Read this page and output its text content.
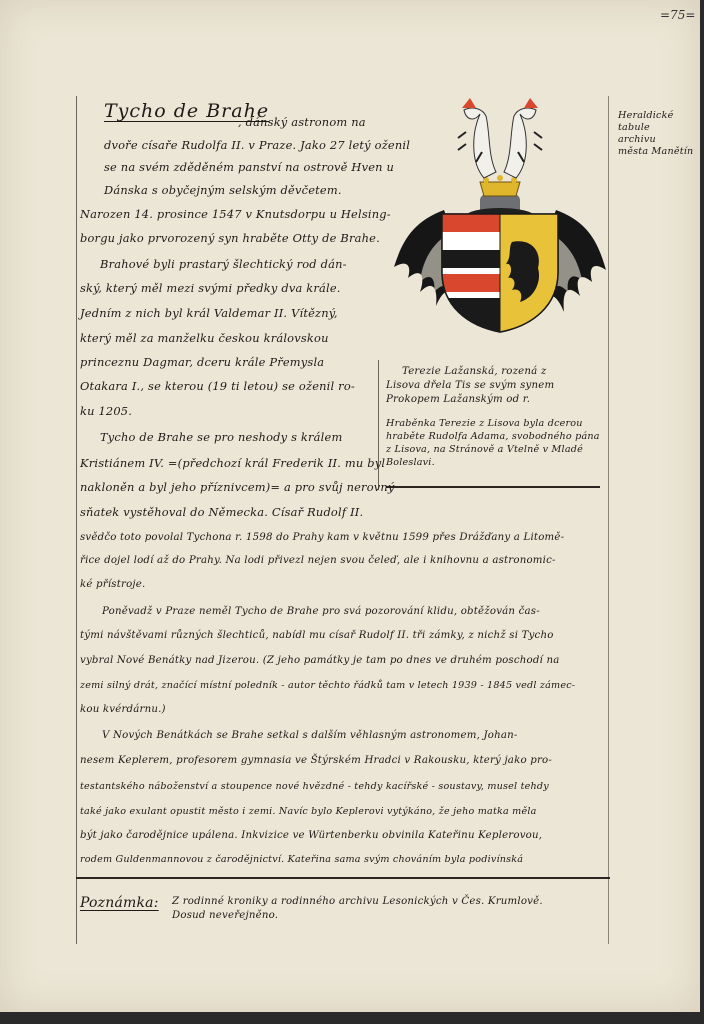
=75=
Heraldické
tabule
archivu
města Manětín
Tycho de Brahe
, dánský astronom na
dvoře císaře Rudolfa II. v Praze. Jako 27 letý oženil
se na svém zděděném panství na ostrově Hven u
Dánska s obyčejným selským děvčetem.
Narozen 14. prosince 1547 v Knutsdorpu u Helsing-
borgu jako prvorozený syn hraběte Otty de Brahe.
Brahové byli prastarý šlechtický rod dán-
ský, který měl mezi svými předky dva krále.
Jedním z nich byl král Valdemar II. Vítězný,
který měl za manželku českou královskou
princeznu Dagmar, dceru krále Přemysla
Otakara I., se kterou (19 ti letou) se oženil ro-
ku 1205.
Tycho de Brahe se pro neshody s králem
Kristiánem IV. =(předchozí král Frederik II. mu byl
nakloněn a byl jeho příznivcem)= a pro svůj nerovný
sňatek vystěhoval do Německa. Císař Rudolf II.
Terezie Lažanská, rozená z
Lisova dřela Tis se svým synem
Prokopem Lažanským od r.
Hraběnka Terezie z Lisova byla dcerou
hraběte Rudolfa Adama, svobodného pána
z Lisova, na Stránově a Vtelně v Mladé
Boleslavi.
svědčo toto povolal Tychona r. 1598 do Prahy kam v květnu 1599 přes Drážďany a Litomě-
řice dojel lodí až do Prahy. Na lodi přivezl nejen svou čeleď, ale i knihovnu a astronomic-
ké přístroje.
Poněvadž v Praze neměl Tycho de Brahe pro svá pozorování klidu, obtěžován čas-
tými návštěvami různých šlechticů, nabídl mu císař Rudolf II. tři zámky, z nichž si Tycho
vybral Nové Benátky nad Jizerou. (Z jeho památky je tam po dnes ve druhém poschodí na
zemi silný drát, značící místní poledník - autor těchto řádků tam v letech 1939 - 1845 vedl zámec-
kou kvérdárnu.)
V Nových Benátkách se Brahe setkal s dalším věhlasným astronomem, Johan-
nesem Keplerem, profesorem gymnasia ve Štýrském Hradci v Rakousku, který jako pro-
testantského náboženství a stoupence nové hvězdné - tehdy kacířské - soustavy, musel tehdy
také jako exulant opustit město i zemi. Navíc bylo Keplerovi vytýkáno, že jeho matka měla
být jako čarodějnice upálena. Inkvizice ve Würtenberku obvinila Kateřinu Keplerovou,
rodem Guldenmannovou z čarodějnictví. Kateřina sama svým chováním byla podivínská
Poznámka: Z rodinné kroniky a rodinného archivu Lesonických v Čes. Krumlově.
Dosud neveřejněno.
